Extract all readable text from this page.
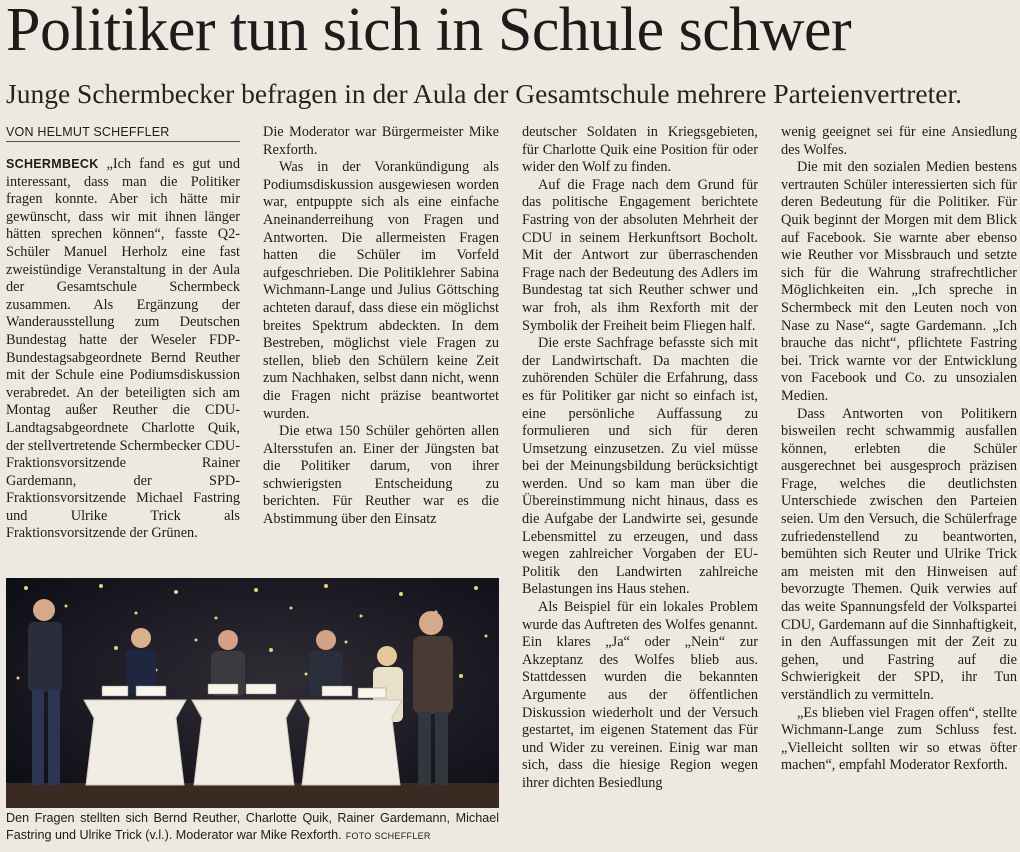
Politiker tun sich in Schule schwer
Junge Schermbecker befragen in der Aula der Gesamtschule mehrere Parteienvertreter.
VON HELMUT SCHEFFLER

SCHERMBECK „Ich fand es gut und interessant, dass man die Politiker fragen konnte. Aber ich hätte mir gewünscht, dass wir mit ihnen länger hätten sprechen können“, fasste Q2-Schüler Manuel Herholz eine fast zweistündige Veranstaltung in der Aula der Gesamtschule Schermbeck zusammen. Als Ergänzung der Wanderausstellung zum Deutschen Bundestag hatte der Weseler FDP-Bundestagsabgeordnete Bernd Reuther mit der Schule eine Podiumsdiskussion verabredet. An der beteiligten sich am Montag außer Reuther die CDU-Landtagsabgeordnete Charlotte Quik, der stellvertretende Schermbecker CDU-Fraktionsvorsitzende Rainer Gardemann, der SPD-Fraktionsvorsitzende Michael Fastring und Ulrike Trick als Fraktionsvorsitzende der Grünen.

Die Moderator war Bürgermeister Mike Rexforth.

Was in der Vorankündigung als Podiumsdiskussion ausgewiesen worden war, entpuppte sich als eine einfache Aneinanderreihung von Fragen und Antworten. Die allermeisten Fragen hatten die Schüler im Vorfeld aufgeschrieben. Die Politiklehrer Sabina Wichmann-Lange und Julius Göttsching achteten darauf, dass diese ein möglichst breites Spektrum abdeckten. In dem Bestreben, möglichst viele Fragen zu stellen, blieb den Schülern keine Zeit zum Nachhaken, selbst dann nicht, wenn die Fragen nicht präzise beantwortet wurden.

Die etwa 150 Schüler gehörten allen Altersstufen an. Einer der Jüngsten bat die Politiker darum, von ihrer schwierigsten Entscheidung zu berichten. Für Reuther war es die Abstimmung über den Einsatz

deutscher Soldaten in Kriegsgebieten, für Charlotte Quik eine Position für oder wider den Wolf zu finden.

Auf die Frage nach dem Grund für das politische Engagement berichtete Fastring von der absoluten Mehrheit der CDU in seinem Herkunftsort Bocholt. Mit der Antwort zur überraschenden Frage nach der Bedeutung des Adlers im Bundestag tat sich Reuther schwer und war froh, als ihm Rexforth mit der Symbolik der Freiheit beim Fliegen half.

Die erste Sachfrage befasste sich mit der Landwirtschaft. Da machten die zuhörenden Schüler die Erfahrung, dass es für Politiker gar nicht so einfach ist, eine persönliche Auffassung zu formulieren und sich für deren Umsetzung einzusetzen. Zu viel müsse bei der Meinungsbildung berücksichtigt werden. Und so kam man über die Übereinstimmung nicht hinaus, dass es die Aufgabe der Landwirte sei, gesunde Lebensmittel zu erzeugen, und dass wegen zahlreicher Vorgaben der EU-Politik den Landwirten zahlreiche Belastungen ins Haus stehen.

Als Beispiel für ein lokales Problem wurde das Auftreten des Wolfes genannt. Ein klares „Ja“ oder „Nein“ zur Akzeptanz des Wolfes blieb aus. Stattdessen wurden die bekannten Argumente aus der öffentlichen Diskussion wiederholt und der Versuch gestartet, im eigenen Statement das Für und Wider zu vereinen. Einig war man sich, dass die hiesige Region wegen ihrer dichten Besiedlung

wenig geeignet sei für eine Ansiedlung des Wolfes.

Die mit den sozialen Medien bestens vertrauten Schüler interessierten sich für deren Bedeutung für die Politiker. Für Quik beginnt der Morgen mit dem Blick auf Facebook. Sie warnte aber ebenso wie Reuther vor Missbrauch und setzte sich für die Wahrung strafrechtlicher Möglichkeiten ein. „Ich spreche in Schermbeck mit den Leuten noch von Nase zu Nase“, sagte Gardemann. „Ich brauche das nicht“, pflichtete Fastring bei. Trick warnte vor der Entwicklung von Facebook und Co. zu unsozialen Medien.

Dass Antworten von Politikern bisweilen recht schwammig ausfallen können, erlebten die Schüler ausgerechnet bei ausgesproch präzisen Frage, welches die deutlichsten Unterschiede zwischen den Parteien seien. Um den Versuch, die Schülerfrage zufriedenstellend zu beantworten, bemühten sich Reuter und Ulrike Trick am meisten mit den Hinweisen auf bevorzugte Themen. Quik verwies auf das weite Spannungsfeld der Volkspartei CDU, Gardemann auf die Sinnhaftigkeit, in den Auffassungen mit der Zeit zu gehen, und Fastring auf die Schwierigkeit der SPD, ihr Tun verständlich zu vermitteln.

„Es blieben viel Fragen offen“, stellte Wichmann-Lange zum Schluss fest. „Vielleicht sollten wir so etwas öfter machen“, empfahl Moderator Rexforth.

Den Fragen stellten sich Bernd Reuther, Charlotte Quik, Rainer Gardemann, Michael Fastring und Ulrike Trick (v.l.). Moderator war Mike Rexforth. FOTO SCHEFFLER
